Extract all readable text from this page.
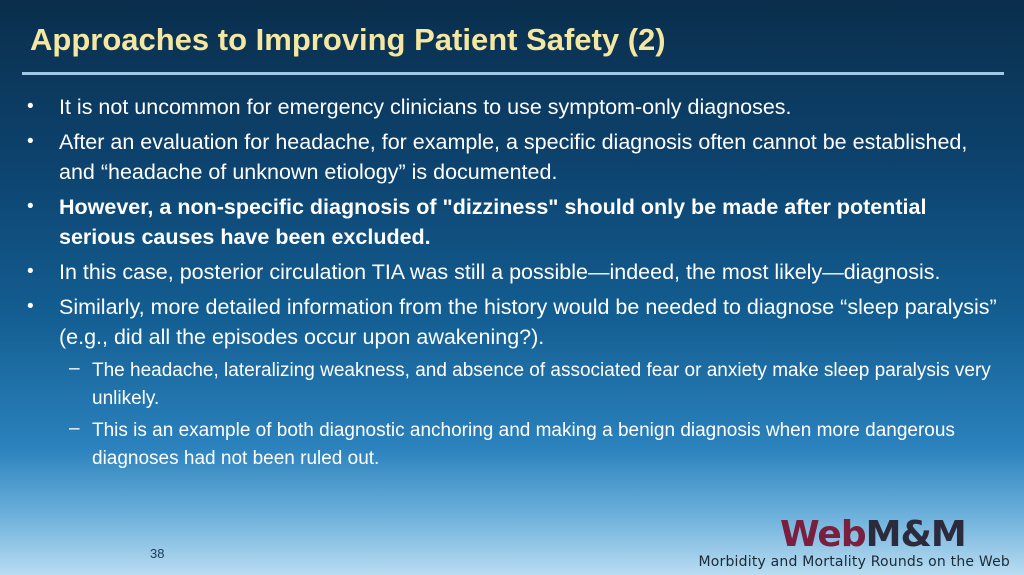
Approaches to Improving Patient Safety (2)
• It is not uncommon for emergency clinicians to use symptom-only diagnoses.
• After an evaluation for headache, for example, a specific diagnosis often cannot be established, and “headache of unknown etiology” is documented.
• However, a non-specific diagnosis of "dizziness" should only be made after potential serious causes have been excluded.
• In this case, posterior circulation TIA was still a possible—indeed, the most likely—diagnosis.
• Similarly, more detailed information from the history would be needed to diagnose “sleep paralysis” (e.g., did all the episodes occur upon awakening?).
– The headache, lateralizing weakness, and absence of associated fear or anxiety make sleep paralysis very unlikely.
– This is an example of both diagnostic anchoring and making a benign diagnosis when more dangerous diagnoses had not been ruled out.
38	WebM&M
Morbidity and Mortality Rounds on the Web
